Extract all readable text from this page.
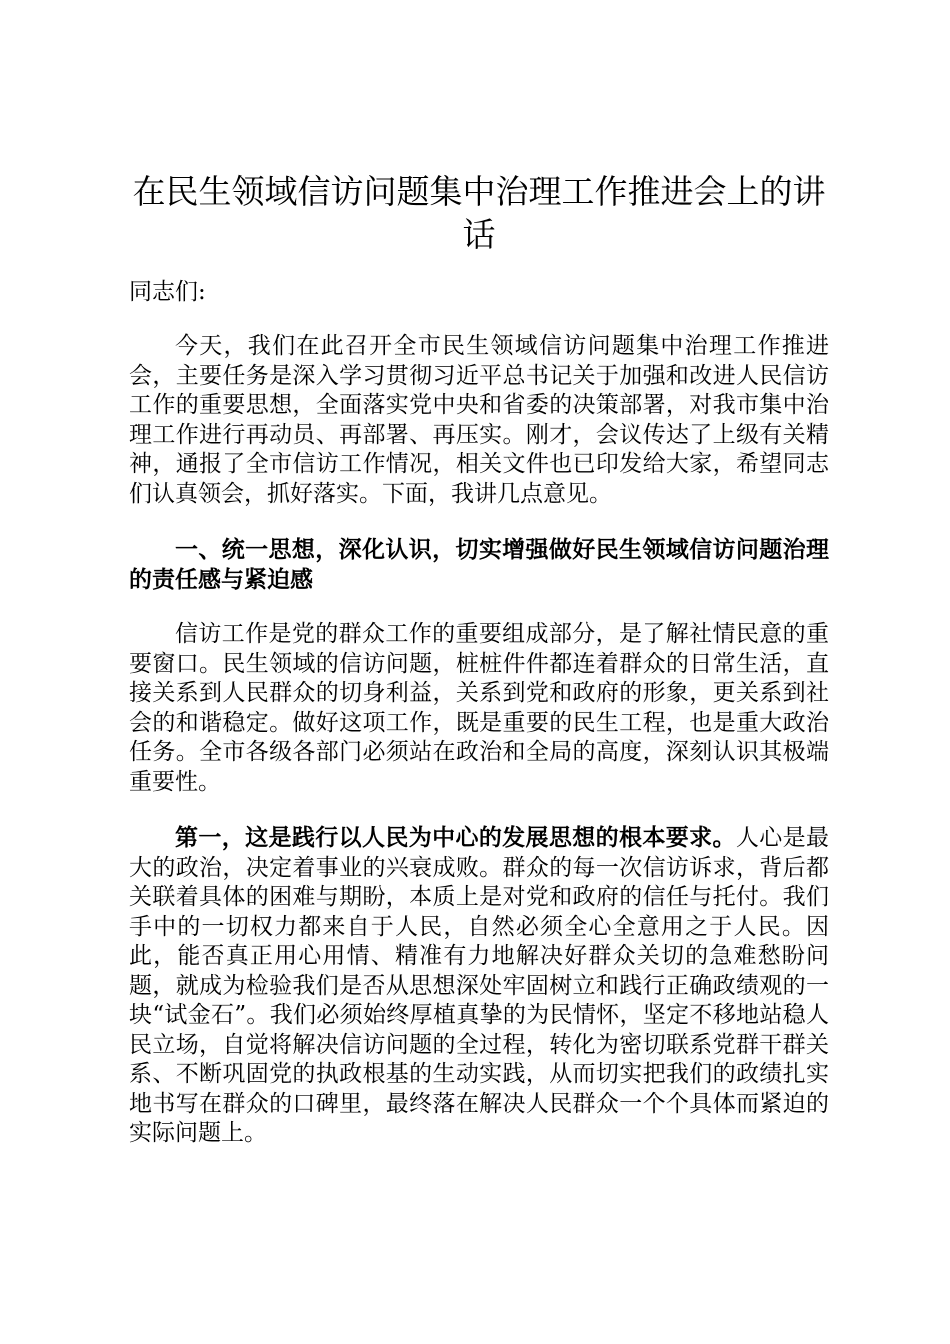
在民生领域信访问题集中治理工作推进会上的讲话

同志们:

今天，我们在此召开全市民生领域信访问题集中治理工作推进会，主要任务是深入学习贯彻习近平总书记关于加强和改进人民信访工作的重要思想，全面落实党中央和省委的决策部署，对我市集中治理工作进行再动员、再部署、再压实。刚才，会议传达了上级有关精神，通报了全市信访工作情况，相关文件也已印发给大家，希望同志们认真领会，抓好落实。下面，我讲几点意见。

一、统一思想，深化认识，切实增强做好民生领域信访问题治理的责任感与紧迫感

信访工作是党的群众工作的重要组成部分，是了解社情民意的重要窗口。民生领域的信访问题，桩桩件件都连着群众的日常生活，直接关系到人民群众的切身利益，关系到党和政府的形象，更关系到社会的和谐稳定。做好这项工作，既是重要的民生工程，也是重大政治任务。全市各级各部门必须站在政治和全局的高度，深刻认识其极端重要性。

第一，这是践行以人民为中心的发展思想的根本要求。人心是最大的政治，决定着事业的兴衰成败。群众的每一次信访诉求，背后都关联着具体的困难与期盼，本质上是对党和政府的信任与托付。我们手中的一切权力都来自于人民，自然必须全心全意用之于人民。因此，能否真正用心用情、精准有力地解决好群众关切的急难愁盼问题，就成为检验我们是否从思想深处牢固树立和践行正确政绩观的一块“试金石”。我们必须始终厚植真挚的为民情怀，坚定不移地站稳人民立场，自觉将解决信访问题的全过程，转化为密切联系党群干群关系、不断巩固党的执政根基的生动实践，从而切实把我们的政绩扎实地书写在群众的口碑里，最终落在解决人民群众一个个具体而紧迫的实际问题上。
